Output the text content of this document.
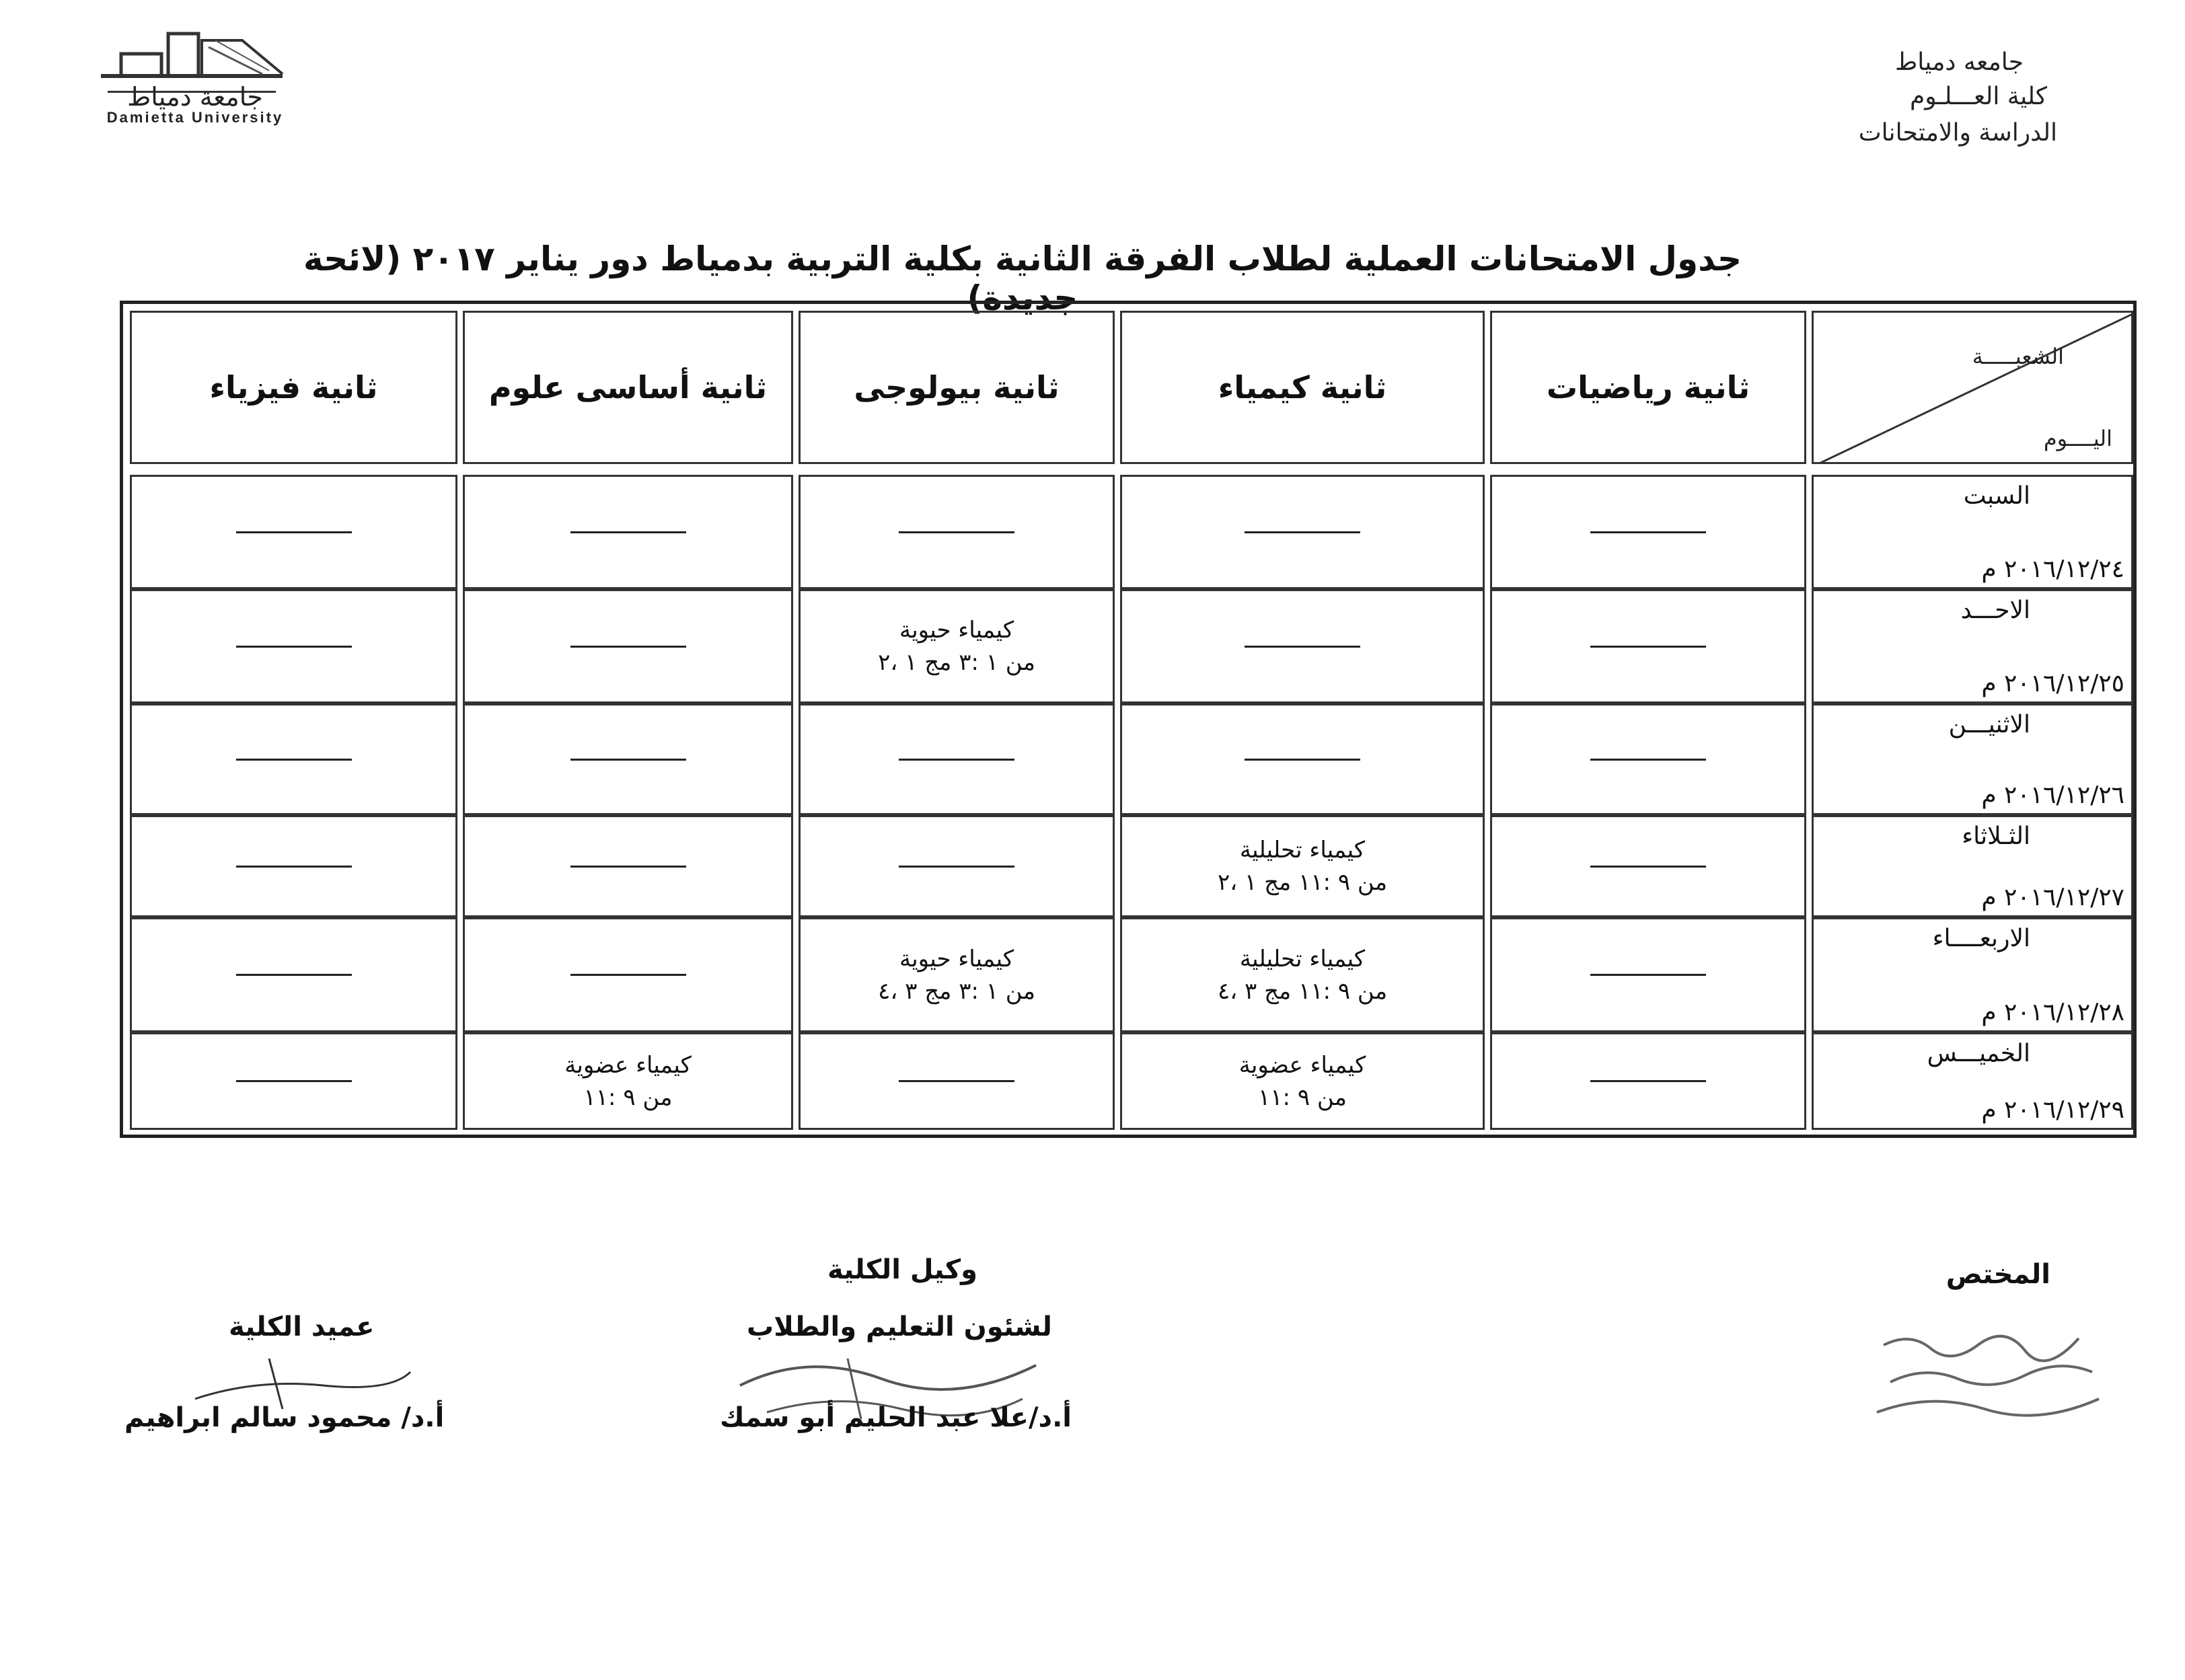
جامعة دمياط
Damietta University
جامعه دمياط
كلية العـــلـوم
الدراسة والامتحانات
جدول الامتحانات العملية لطلاب الفرقة الثانية بكلية التربية بدمياط دور يناير ٢٠١٧ (لائحة جديدة)
الشعبـــــة
اليــــوم
ثانية رياضيات
ثانية كيمياء
ثانية بيولوجى
ثانية أساسى علوم
ثانية فيزياء
السبت
٢٠١٦/١٢/٢٤ م
الاحـــد
٢٠١٦/١٢/٢٥ م
كيمياء حيوية
من ١ :٣ مج ١ ،٢
الاثنيـــن
٢٠١٦/١٢/٢٦ م
الثـلاثاء
٢٠١٦/١٢/٢٧ م
كيمياء تحليلية
من ٩ :١١ مج ١ ،٢
الاربعــــاء
٢٠١٦/١٢/٢٨ م
كيمياء تحليلية
من ٩ :١١ مج ٣ ،٤
كيمياء حيوية
من ١ :٣ مج ٣ ،٤
الخميـــس
٢٠١٦/١٢/٢٩ م
كيمياء عضوية
من ٩ :١١
كيمياء عضوية
من ٩ :١١
المختص
وكيل الكلية
لشئون التعليم والطلاب
أ.د/علا عبد الحليم أبو سمك
عميد الكلية
أ.د/ محمود سالم ابراهيم
